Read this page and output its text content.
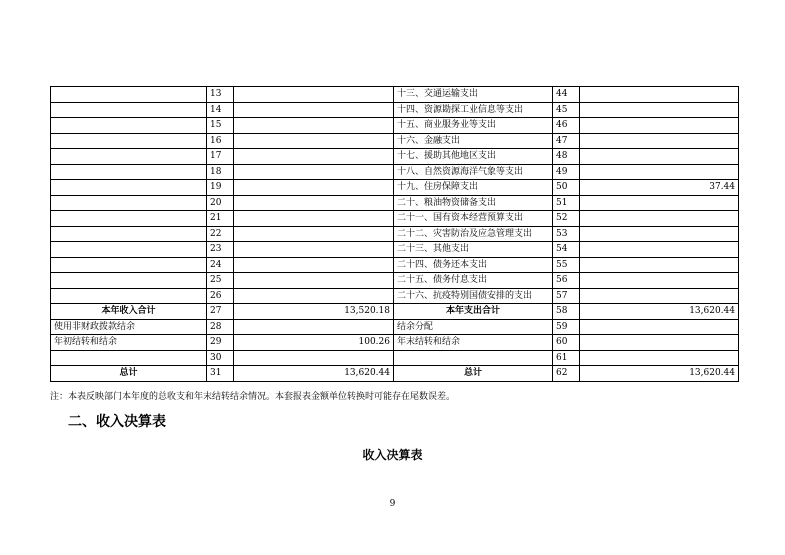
	13		十三、交通运输支出	44	
	14		十四、资源勘探工业信息等支出	45	
	15		十五、商业服务业等支出	46	
	16		十六、金融支出	47	
	17		十七、援助其他地区支出	48	
	18		十八、自然资源海洋气象等支出	49	
	19		十九、住房保障支出	50	37.44
	20		二十、粮油物资储备支出	51	
	21		二十一、国有资本经营预算支出	52	
	22		二十二、灾害防治及应急管理支出	53	
	23		二十三、其他支出	54	
	24		二十四、债务还本支出	55	
	25		二十五、债务付息支出	56	
	26		二十六、抗疫特别国债安排的支出	57	
本年收入合计	27	13,520.18	本年支出合计	58	13,620.44
使用非财政拨款结余	28		结余分配	59	
年初结转和结余	29	100.26	年末结转和结余	60	
	30			61	
总计	31	13,620.44	总计	62	13,620.44
注：本表反映部门本年度的总收支和年末结转结余情况。本套报表金额单位转换时可能存在尾数误差。
二、收入决算表
收入决算表
9
